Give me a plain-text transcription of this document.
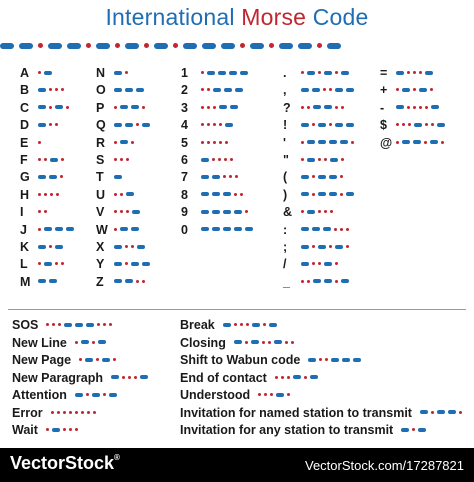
International Morse Code
A
B
C
D
E
F
G
H
I
J
K
L
M
N
O
P
Q
R
S
T
U
V
W
X
Y
Z
1
2
3
4
5
6
7
8
9
0
.
,
?
!
'
"
(
)
&
:
;
/
_
=
+
-
$
@
SOS
New Line
New Page
New Paragraph
Attention
Error
Wait
Break
Closing
Shift to Wabun code
End of contact
Understood
Invitation for named station to transmit
Invitation for any station to transmit
VectorStock®
VectorStock.com/17287821
